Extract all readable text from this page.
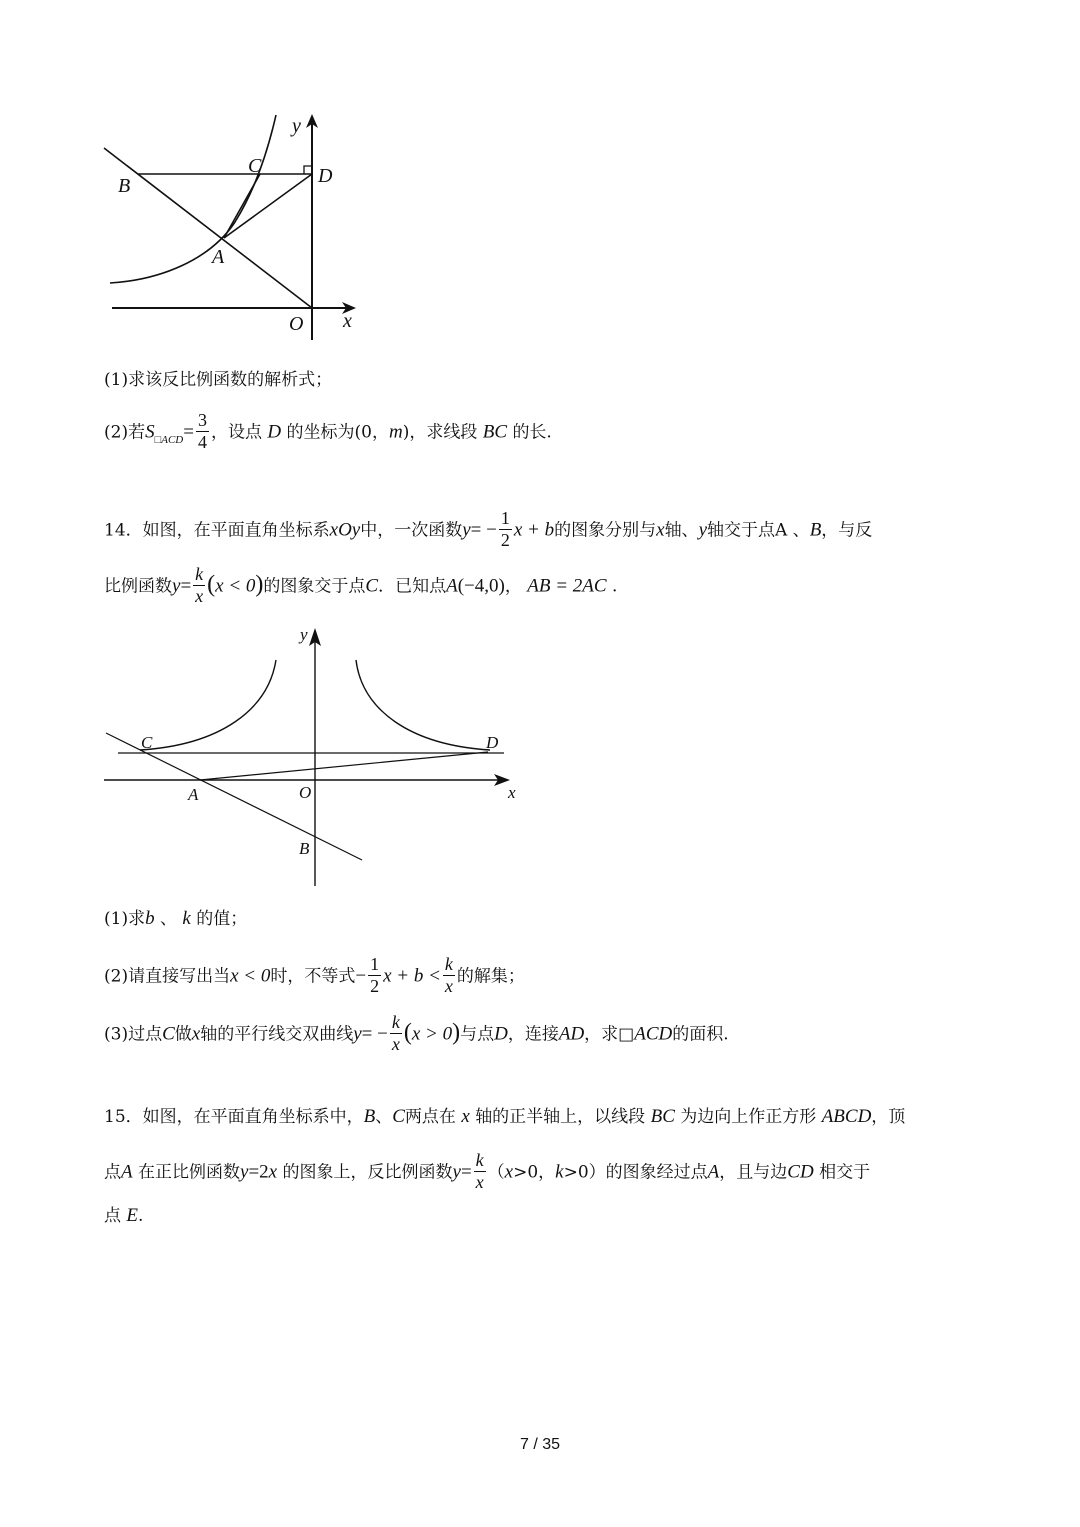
y
x
O
A
B
C	D
(1)求该反比例函数的解析式；
(2)若$S_{□ACD}= \frac{3}{4}$ ，设点 D 的坐标为(0，m)，求线段 BC 的长.
14．如图，在平面直角坐标系xOy中，一次函数$y= - \frac{1}{2}$ x + b的图象分别与x轴、y轴交于点A 、B，与反
比例函数$y= \frac{k}{x} (x < 0)$的图象交于点C．已知点A(−4,0)， AB = 2AC .
y
x
O
A
B
C	D
(1)求b 、 k 的值；
(2)请直接写出当x < 0时，不等式− $\frac{1}{2}$ $x + b < \frac{k}{x}$ 的解集；
(3)过点C做x轴的平行线交双曲线$y= - \frac{k}{x} (x > 0)$与点D，连接AD，求□ACD的面积.
15．如图，在平面直角坐标系中，B、C两点在 x 轴的正半轴上，以线段 BC 为边向上作正方形 ABCD，顶
点A 在正比例函数y=2x 的图象上，反比例函数$y= \frac{k}{x} (x>0$，k>0）的图象经过点A，且与边CD 相交于
点 E.
7 / 35
